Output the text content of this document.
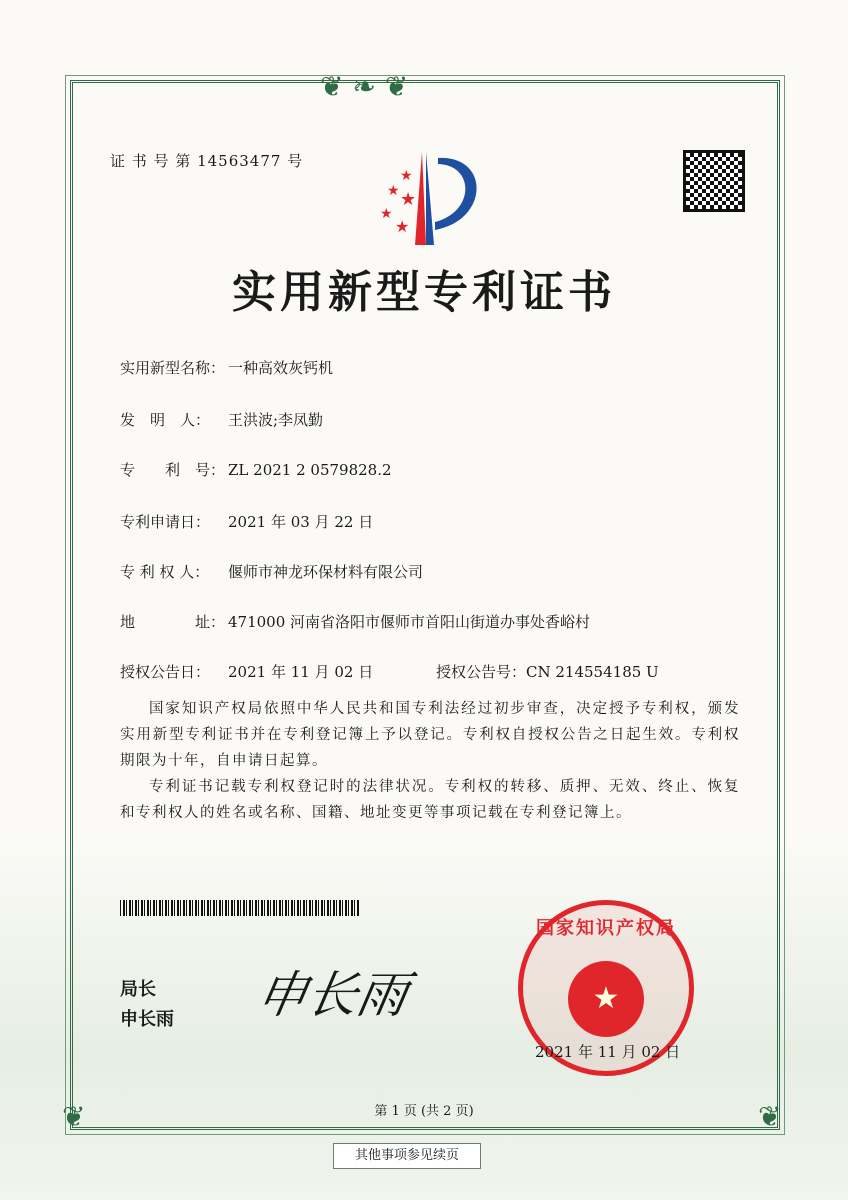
❦ ❧ ❦
❦	❦
证 书 号 第 14563477 号
★
★ ★
★
★
实用新型专利证书
实用新型名称： 一种高效灰钙机
发　明　人： 王洪波;李凤勤
专　　利　号： ZL 2021 2 0579828.2
专利申请日： 2021 年 03 月 22 日
专 利 权 人： 偃师市神龙环保材料有限公司
地　　　　址： 471000 河南省洛阳市偃师市首阳山街道办事处香峪村
授权公告日： 2021 年 11 月 02 日	授权公告号：CN 214554185 U

国家知识产权局依照中华人民共和国专利法经过初步审查，决定授予专利权，颁发实用新型专利证书并在专利登记簿上予以登记。专利权自授权公告之日起生效。专利权期限为十年，自申请日起算。

专利证书记载专利权登记时的法律状况。专利权的转移、质押、无效、终止、恢复和专利权人的姓名或名称、国籍、地址变更等事项记载在专利登记簿上。

局长
申长雨 申长雨
国家知识产权局
★
2021 年 11 月 02 日
第 1 页 (共 2 页)
其他事项参见续页
